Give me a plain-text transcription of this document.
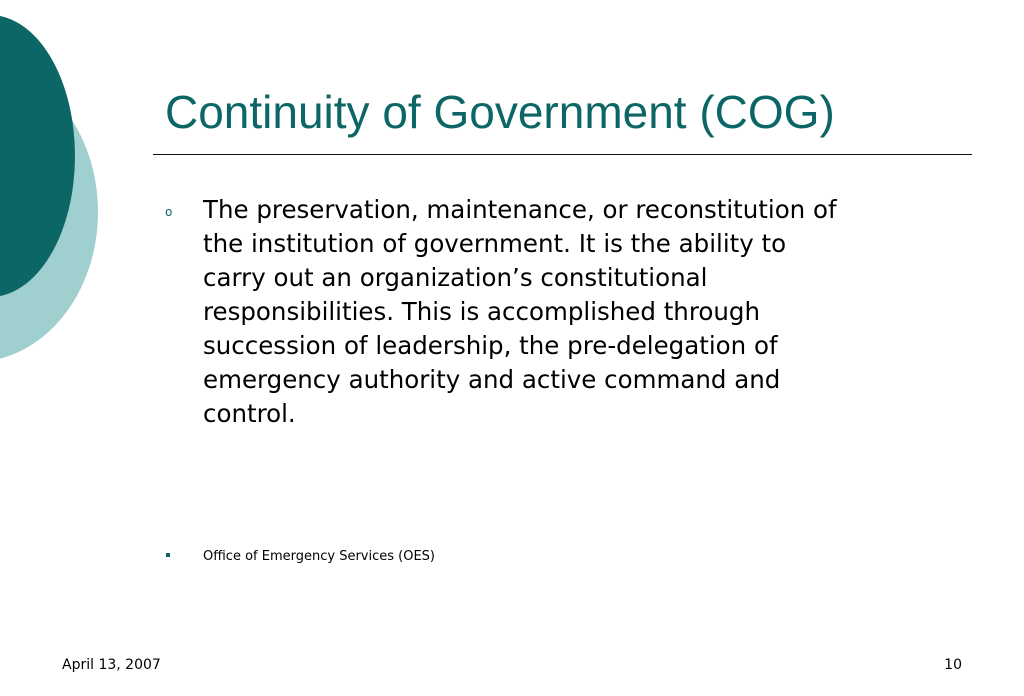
Continuity of Government (COG)
o The preservation, maintenance, or reconstitution of
the institution of government. It is the ability to
carry out an organization’s constitutional
responsibilities. This is accomplished through
succession of leadership, the pre-delegation of
emergency authority and active command and
control.

Office of Emergency Services (OES)

April 13, 2007	10
